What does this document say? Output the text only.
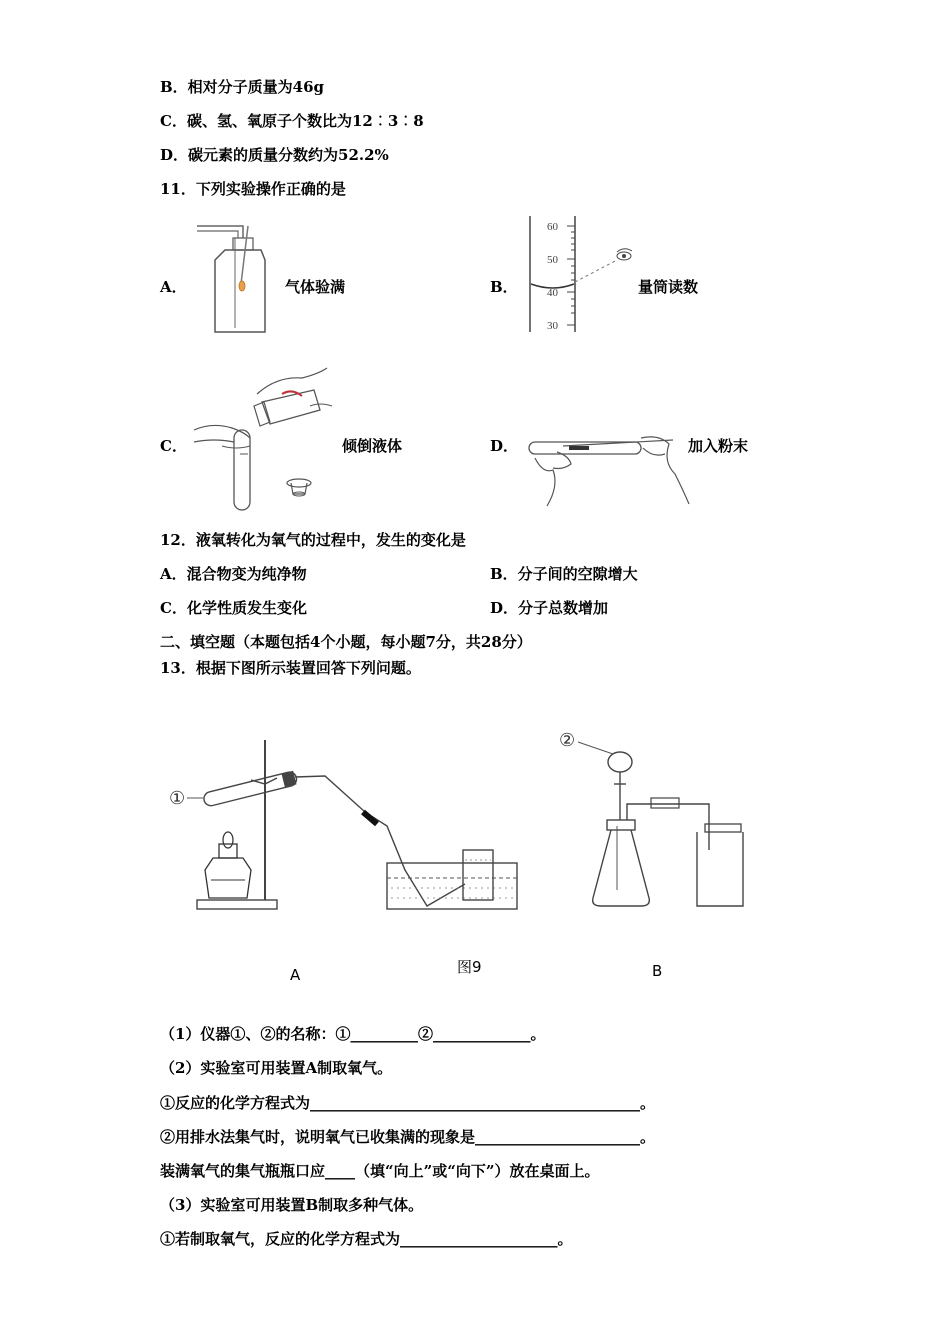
B．相对分子质量为46g
C．碳、氢、氧原子个数比为12︰3︰8
D．碳元素的质量分数约为52.2%
11．下列实验操作正确的是
A．	气体验满	B．
60
50
40
30
量筒读数
C．	倾倒液体	D．	加入粉末
12．液氧转化为氧气的过程中，发生的变化是
A．混合物变为纯净物	B．分子间的空隙增大
C．化学性质发生变化	D．分子总数增加
二、填空题（本题包括4个小题，每小题7分，共28分）
13．根据下图所示装置回答下列问题。
①
②
A	图9	B
（1）仪器①、②的名称：①_________②_____________。
（2）实验室可用装置A制取氧气。
①反应的化学方程式为____________________________________________。
②用排水法集气时，说明氧气已收集满的现象是______________________。
装满氧气的集气瓶瓶口应____（填“向上”或“向下”）放在桌面上。
（3）实验室可用装置B制取多种气体。
①若制取氧气，反应的化学方程式为_____________________。
